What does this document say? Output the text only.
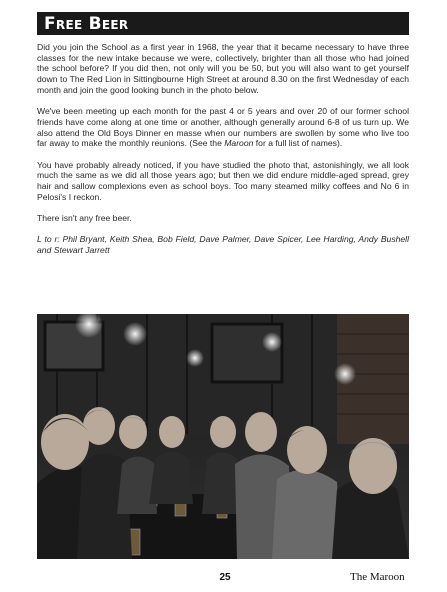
Free Beer

Did you join the School as a first year in 1968, the year that it became necessary to have three classes for the new intake because we were, collectively, brighter than all those who had joined the school before? If you did then, not only will you be 50, but you will also want to get yourself down to The Red Lion in Sittingbourne High Street at around 8.30 on the first Wednesday of each month and join the good looking bunch in the photo below.

We've been meeting up each month for the past 4 or 5 years and over 20 of our former school friends have come along at one time or another, although generally around 6-8 of us turn up. We also attend the Old Boys Dinner en masse when our numbers are swollen by some who live too far away to make the monthly reunions. (See the Maroon for a full list of names).

You have probably already noticed, if you have studied the photo that, astonishingly, we all look much the same as we did all those years ago; but then we did endure middle-aged spread, grey hair and sallow complexions even as school boys. Too many steamed milky coffees and No 6 in Pelosi's I reckon.

There isn't any free beer.

L to r: Phil Bryant, Keith Shea, Bob Field, Dave Palmer, Dave Spicer, Lee Harding, Andy Bushell and Stewart Jarrett

25	The Maroon
